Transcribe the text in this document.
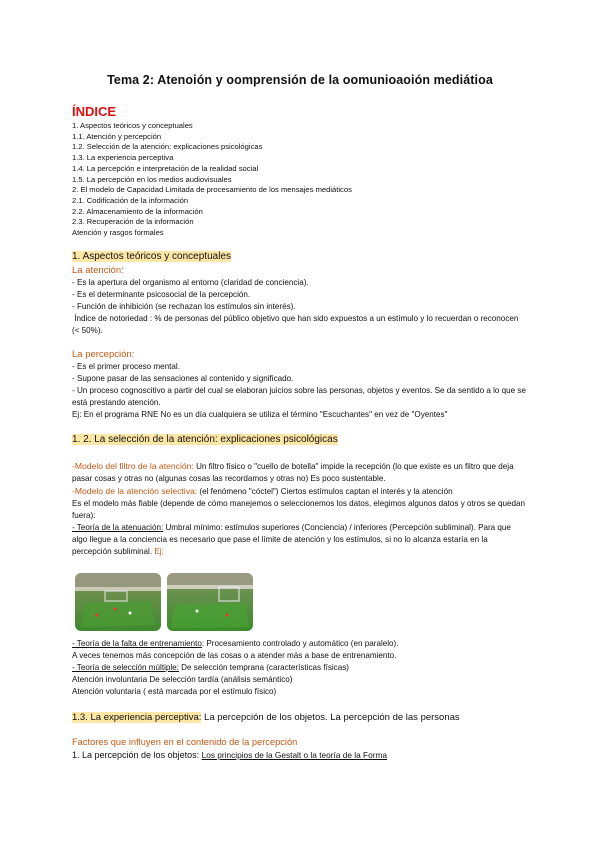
Tema 2: Atenoión y oomprensión de la oomunioaoión mediátioa
ÍNDICE
1. Aspectos teóricos y conceptuales
1.1. Atención y percepción
1.2. Selección de la atención: explicaciones psicológicas
1.3. La experiencia perceptiva
1.4. La percepción e interpretación de la realidad social
1.5. La percepción en los medios audiovisuales
2. El modelo de Capacidad Limitada de procesamiento de los mensajes mediáticos
2.1. Codificación de la información
2.2. Almacenamiento de la información
2.3. Recuperación de la información
Atención y rasgos formales
1. Aspectos teóricos y conceptuales
La atención:
- Es la apertura del organismo al entorno (claridad de conciencia).
- Es el determinante psicosocial de la percepción.
- Función de inhibición (se rechazan los estímulos sin interés).
Índice de notoriedad : % de personas del público objetivo que han sido expuestos a un estímulo y lo recuerdan o reconocen (< 50%).
La percepción:
- Es el primer proceso mental.
- Supone pasar de las sensaciones al contenido y significado.
- Un proceso cognoscitivo a partir del cual se elaboran juicios sobre las personas, objetos y eventos. Se da sentido a lo que se está prestando atención.
Ej: En el programa RNE No es un día cualquiera se utiliza el término "Escuchantes" en vez de "Oyentes"
1. 2. La selección de la atención: explicaciones psicológicas
-Modelo del filtro de la atención: Un filtro físico o "cuello de botella" impide la recepción (lo que existe es un filtro que deja pasar cosas y otras no (algunas cosas las recordamos y otras no) Es poco sustentable.
-Modelo de la atención selectiva: (el fenómeno "cóctel") Ciertos estímulos captan el interés y la atención
Es el modelo más fiable (depende de cómo manejemos o seleccionemos los datos, elegimos algunos datos y otros se quedan fuera):
- Teoría de la atenuación: Umbral mínimo: estímulos superiores (Conciencia) / inferiores (Percepción subliminal). Para que algo llegue a la conciencia es necesario que pase el límite de atención y los estímulos, si no lo alcanza estaría en la percepción subliminal. Ej:
- Teoría de la falta de entrenamiento: Procesamiento controlado y automático (en paralelo).
A veces tenemos más concepción de las cosas o a atender más a base de entrenamiento.
- Teoría de selección múltiple: De selección temprana (características físicas)
Atención involuntaria De selección tardía (análisis semántico)
Atención voluntaria ( está marcada por el estímulo físico)
1.3. La experiencia perceptiva: La percepción de los objetos. La percepción de las personas
Factores que influyen en el contenido de la percepción
1. La percepción de los objetos: Los principios de la Gestalt o la teoría de la Forma
